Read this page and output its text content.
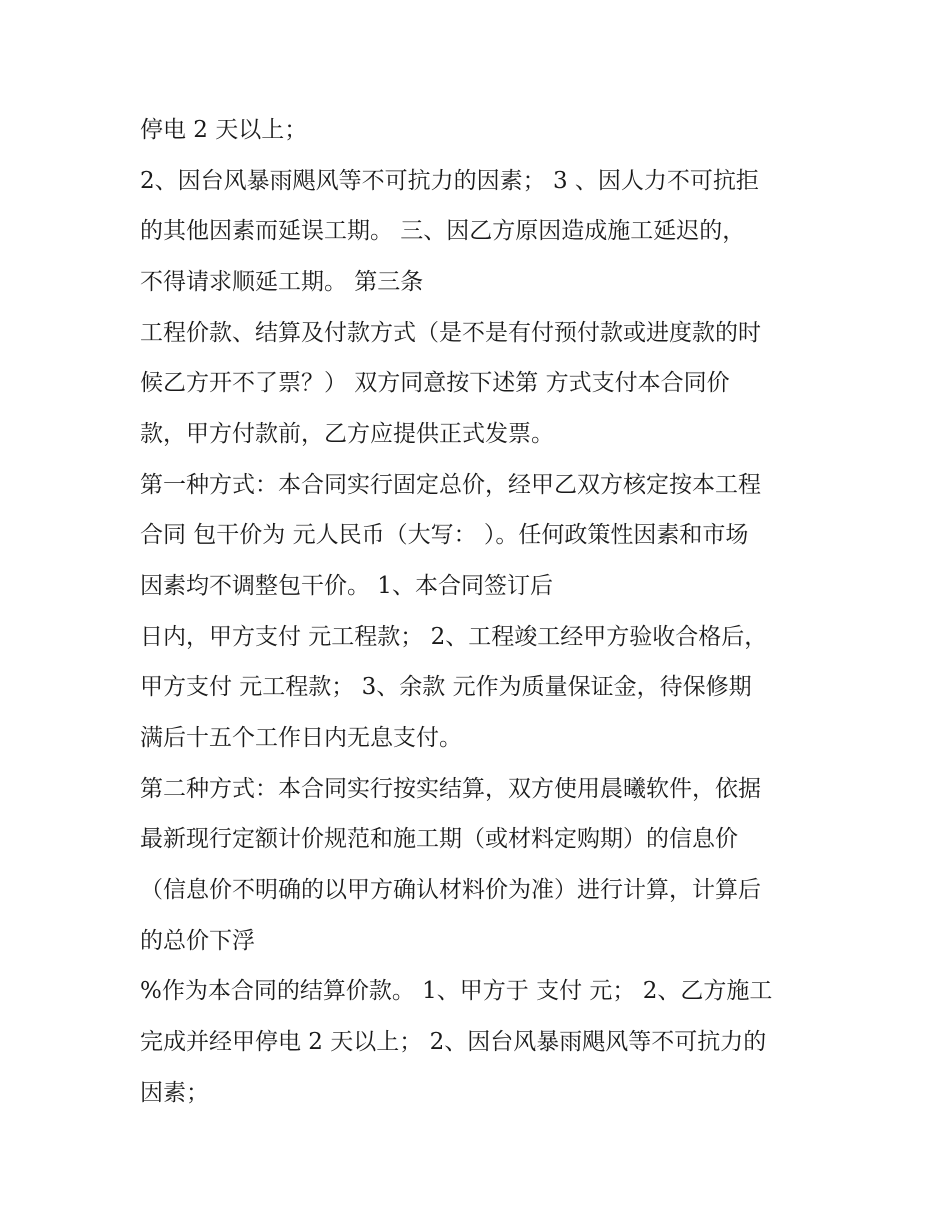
停电 2 天以上；
2、因台风暴雨飓风等不可抗力的因素； 3 、因人力不可抗拒
的其他因素而延误工期。 三、因乙方原因造成施工延迟的，
不得请求顺延工期。 第三条
工程价款、结算及付款方式（是不是有付预付款或进度款的时
候乙方开不了票？） 双方同意按下述第 方式支付本合同价
款，甲方付款前，乙方应提供正式发票。
第一种方式：本合同实行固定总价，经甲乙双方核定按本工程
合同 包干价为 元人民币（大写： ）。任何政策性因素和市场
因素均不调整包干价。 1、本合同签订后
日内，甲方支付 元工程款； 2、工程竣工经甲方验收合格后，
甲方支付 元工程款； 3、余款 元作为质量保证金，待保修期
满后十五个工作日内无息支付。
第二种方式：本合同实行按实结算，双方使用晨曦软件，依据
最新现行定额计价规范和施工期（或材料定购期）的信息价
（信息价不明确的以甲方确认材料价为准）进行计算，计算后
的总价下浮
%作为本合同的结算价款。 1、甲方于 支付 元； 2、乙方施工
完成并经甲停电 2 天以上； 2、因台风暴雨飓风等不可抗力的
因素；
